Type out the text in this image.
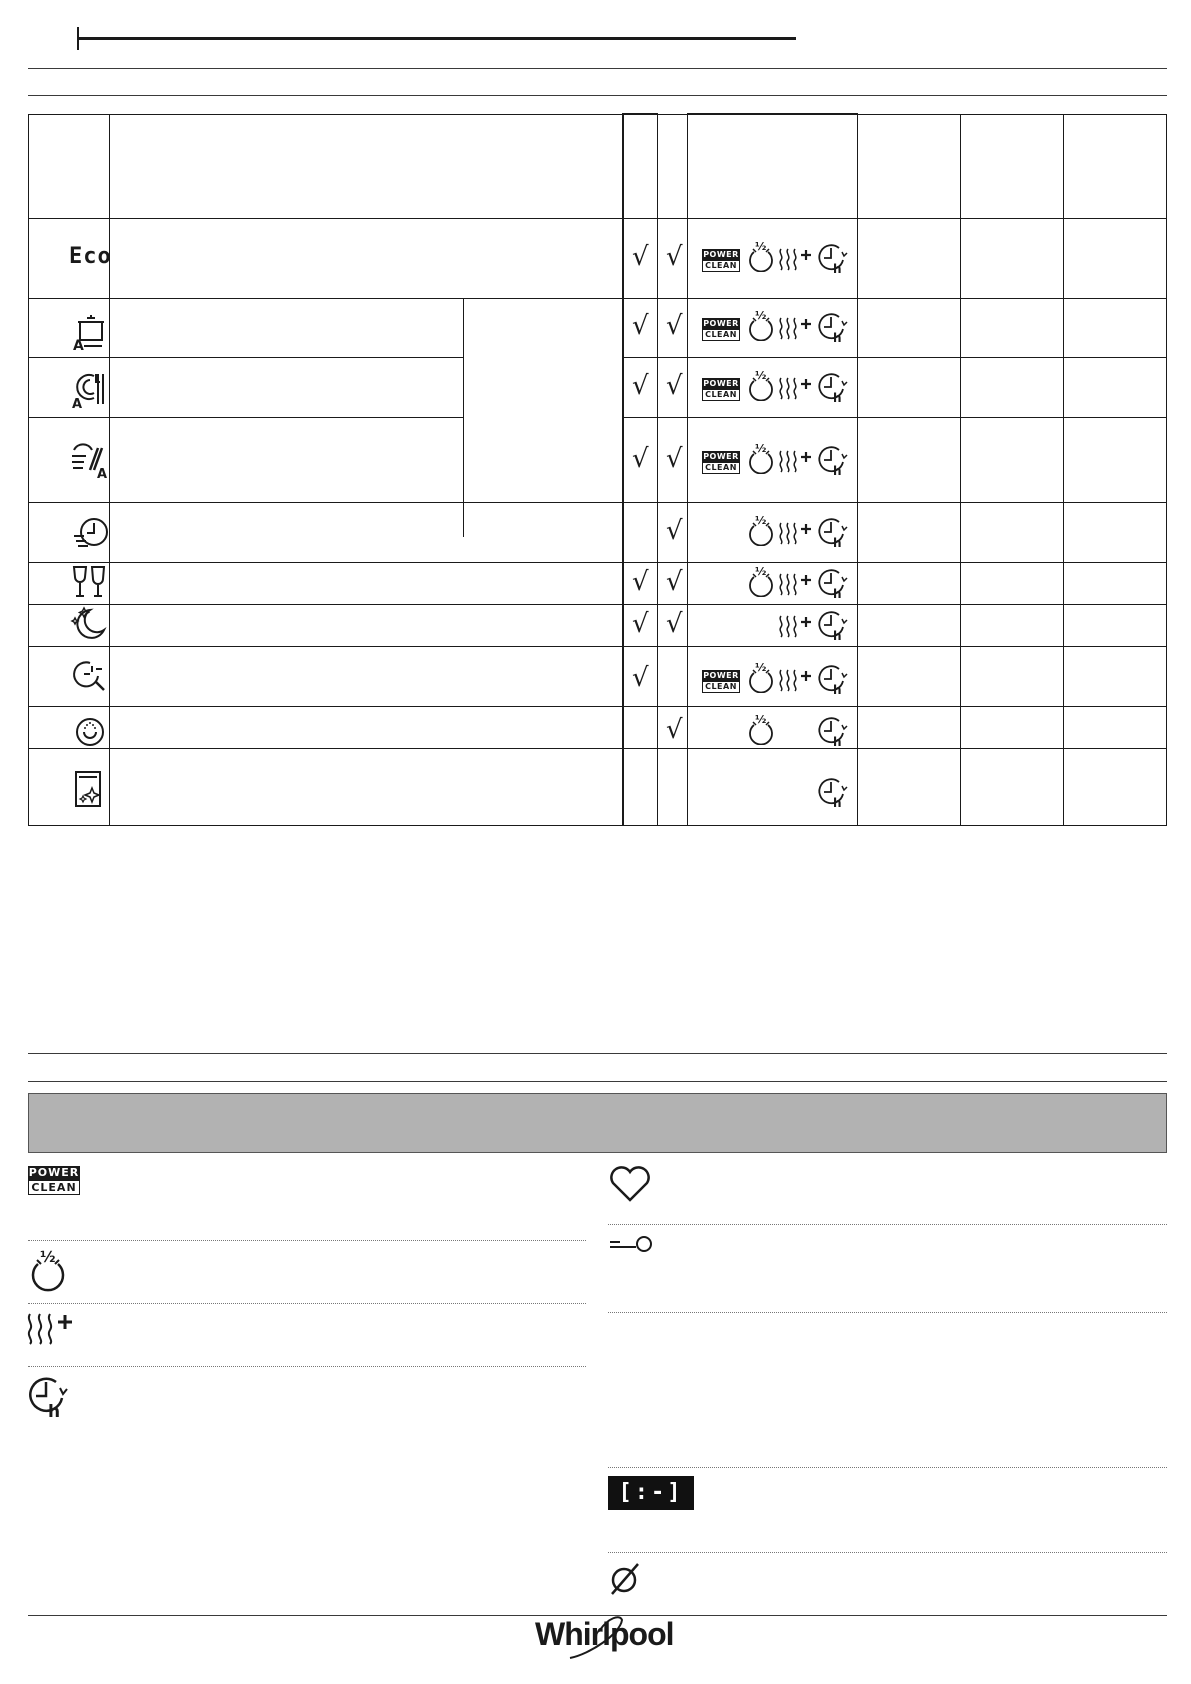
Eco
A
A
A
√ √
√ √
√ √
√ √
√
√ √
√ √
√
√
POWER
CLEAN
½
h
POWER
CLEAN
½
h
POWER
CLEAN
½
h
POWER
CLEAN
½
h
½
h
½
h
h
POWER
CLEAN
½
h
½
h
h
POWER
CLEAN
½
h
[:-]
Whirlpool
